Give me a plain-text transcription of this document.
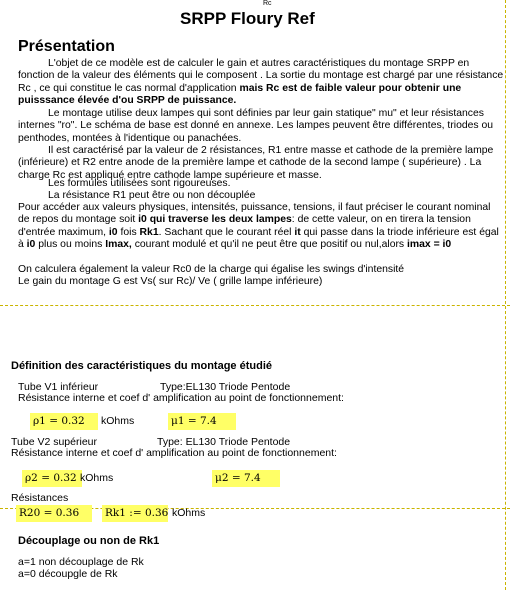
Rc
SRPP Floury Ref
Présentation
L'objet de ce modèle est de calculer le gain et autres caractéristiques du montage SRPP en fonction de la valeur des éléments qui le composent . La sortie du montage est chargé par une résistance Rc , ce qui constitue le cas normal d'application mais Rc est de faible valeur pour obtenir une puisssance élevée d'ou SRPP de puissance.
Le montage utilise deux lampes qui sont définies par leur gain statique" mu" et leur résistances internes "ro". Le schéma de base est donné en annexe. Les lampes peuvent être différentes, triodes ou penthodes, montées à l'identique ou panachées.
Il est caractérisé par la valeur de 2 résistances, R1 entre masse et cathode de la première lampe (inférieure) et R2 entre anode de la première lampe et cathode de la second lampe ( supérieure) . La charge Rc est appliqué entre cathode lampe supérieure et masse.
Les formules utilisées sont rigoureuses.
La résistance R1 peut être ou non découplée
Pour accéder aux valeurs physiques, intensités, puissance, tensions, il faut préciser le courant nominal de repos du montage soit i0 qui traverse les deux lampes: de cette valeur, on en tirera la tension d'entrée maximum, i0 fois Rk1. Sachant que le courant réel it qui passe dans la triode inférieure est égal à i0 plus ou moins Imax, courant modulé et qu'il ne peut être que positif ou nul,alors imax = i0
On calculera également la valeur Rc0 de la charge qui égalise les swings d'intensité
Le gain du montage G est Vs( sur Rc)/ Ve ( grille lampe inférieure)
Définition des caractéristiques du montage étudié
Tube V1 inférieur	Type:EL130 Triode Pentode
Résistance interne et coef d' amplification au point de fonctionnement:
ρ1 = 0.32	kOhms	μ1 = 7.4
Tube V2 supérieur	Type: EL130 Triode Pentode
Résistance interne et coef d' amplification au point de fonctionnement:
ρ2 = 0.32 kOhms	μ2 = 7.4
Résistances
R20 = 0.36	Rk1 := 0.36 kOhms
Découplage ou non de Rk1
a=1 non découplage de Rk
a=0 découpgle de Rk
